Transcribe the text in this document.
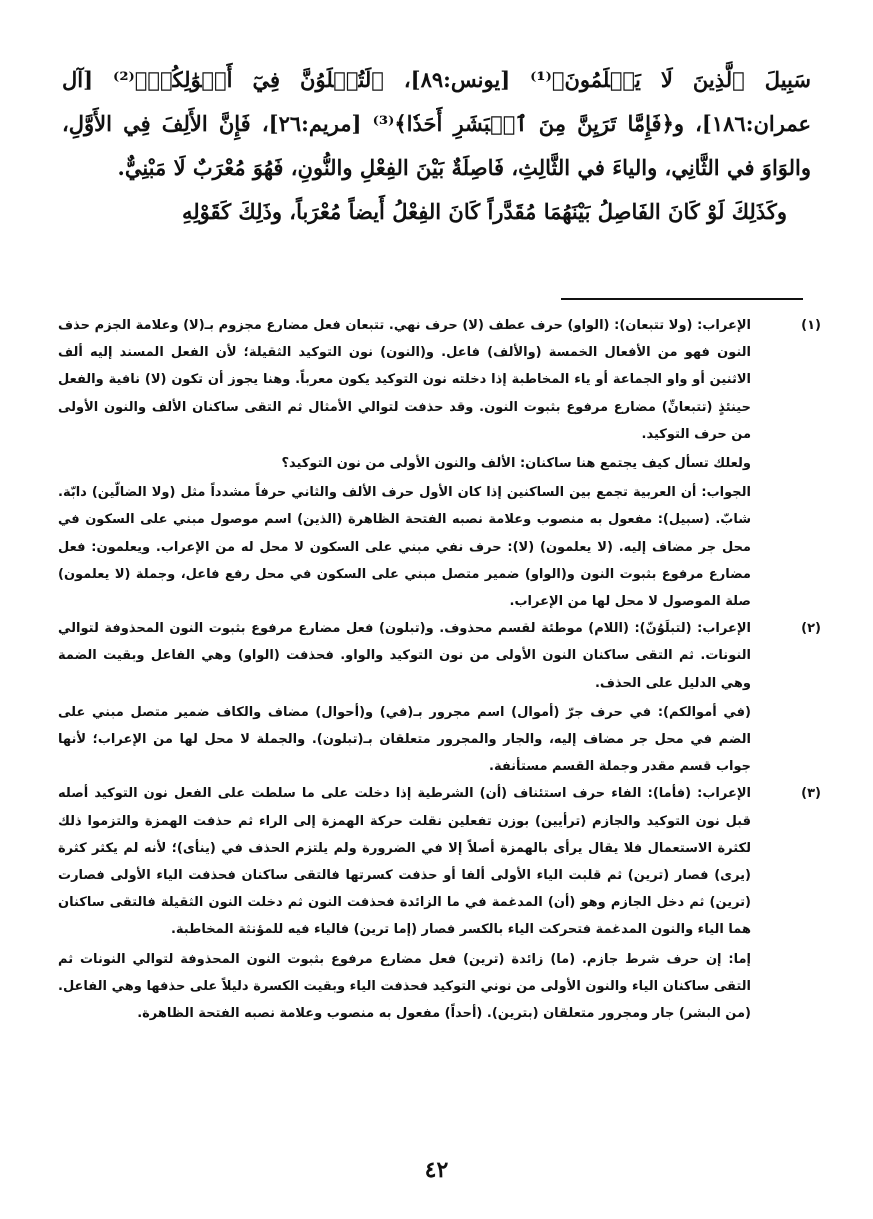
سَبِيلَ ٱلَّذِينَ لَا يَعۡلَمُونَ﴾⁽¹⁾ [يونس:٨٩]، ﴿لَتُبۡلَوُنَّ فِيٓ أَمۡوَٰلِكُمۡ﴾⁽²⁾ [آل عمران:١٨٦]، و﴿فَإِمَّا تَرَيِنَّ مِنَ ٱلۡبَشَرِ أَحَدٗا﴾⁽³⁾ [مريم:٢٦]، فَإِنَّ الأَلِفَ فِي الأَوَّلِ، والوَاوَ في الثَّانِي، والياءَ في الثَّالِثِ، فَاصِلَةٌ بَيْنَ الفِعْلِ والنُّونِ، فَهُوَ مُعْرَبٌ لَا مَبْنِيٌّ.

وكَذَلِكَ لَوْ كَانَ الفَاصِلُ بَيْنَهُمَا مُقَدَّراً كَانَ الفِعْلُ أَيضاً مُعْرَباً، وذَلِكَ كَقَوْلِهِ

(١)

الإعراب: (ولا تتبعان): (الواو) حرف عطف (لا) حرف نهي. تتبعان فعل مضارع مجزوم بـ(لا) وعلامة الجزم حذف النون فهو من الأفعال الخمسة (والألف) فاعل. و(النون) نون التوكيد الثقيلة؛ لأن الفعل المسند إليه ألف الاثنين أو واو الجماعة أو ياء المخاطبة إذا دخلته نون التوكيد يكون معرباً. وهنا يجوز أن تكون (لا) نافية والفعل حينئذٍ (تتبعانِّ) مضارع مرفوع بثبوت النون. وقد حذفت لتوالي الأمثال ثم التقى ساكنان الألف والنون الأولى من حرف التوكيد.

ولعلك تسأل كيف يجتمع هنا ساكنان: الألف والنون الأولى من نون التوكيد؟

الجواب: أن العربية تجمع بين الساكنين إذا كان الأول حرف الألف والثاني حرفاً مشدداً مثل (ولا الضالّين) دابّة. شابّ. (سبيل): مفعول به منصوب وعلامة نصبه الفتحة الظاهرة (الذين) اسم موصول مبني على السكون في محل جر مضاف إليه. (لا يعلمون) (لا): حرف نفي مبني على السكون لا محل له من الإعراب. ويعلمون: فعل مضارع مرفوع بثبوت النون و(الواو) ضمير متصل مبني على السكون في محل رفع فاعل، وجملة (لا يعلمون) صلة الموصول لا محل لها من الإعراب.

(٢)

الإعراب: (لتبلَوُنّ): (اللام) موطئة لقسم محذوف. و(تبلون) فعل مضارع مرفوع بثبوت النون المحذوفة لتوالي النونات. ثم التقى ساكنان النون الأولى من نون التوكيد والواو. فحذفت (الواو) وهي الفاعل وبقيت الضمة وهي الدليل على الحذف.

(في أموالكم): في حرف جرّ (أموال) اسم مجرور بـ(في) و(أحوال) مضاف والكاف ضمير متصل مبني على الضم في محل جر مضاف إليه، والجار والمجرور متعلقان بـ(تبلون). والجملة لا محل لها من الإعراب؛ لأنها جواب قسم مقدر وجملة القسم مستأنفة.

(٣)

الإعراب: (فأما): الفاء حرف استئناف (أن) الشرطية إذا دخلت على ما سلطت على الفعل نون التوكيد أصله قبل نون التوكيد والجازم (ترأيين) بوزن تفعلين نقلت حركة الهمزة إلى الراء ثم حذفت الهمزة والتزموا ذلك لكثرة الاستعمال فلا يقال يرأى بالهمزة أصلاً إلا في الضرورة ولم يلتزم الحذف في (ينأى)؛ لأنه لم يكثر كثرة (يرى) فصار (ترين) ثم قلبت الياء الأولى ألفا أو حذفت كسرتها فالتقى ساكنان فحذفت الياء الأولى فصارت (ترين) ثم دخل الجازم وهو (أن) المدغمة في ما الزائدة فحذفت النون ثم دخلت النون الثقيلة فالتقى ساكنان هما الياء والنون المدغمة فتحركت الياء بالكسر فصار (إما ترين) فالياء فيه للمؤنثة المخاطبة.

إما: إن حرف شرط جازم. (ما) زائدة (ترين) فعل مضارع مرفوع بثبوت النون المحذوفة لتوالي النونات ثم التقى ساكنان الياء والنون الأولى من نوني التوكيد فحذفت الياء وبقيت الكسرة دليلاً على حذفها وهي الفاعل. (من البشر) جار ومجرور متعلقان (بترين). (أحداً) مفعول به منصوب وعلامة نصبه الفتحة الظاهرة.

٤٢
